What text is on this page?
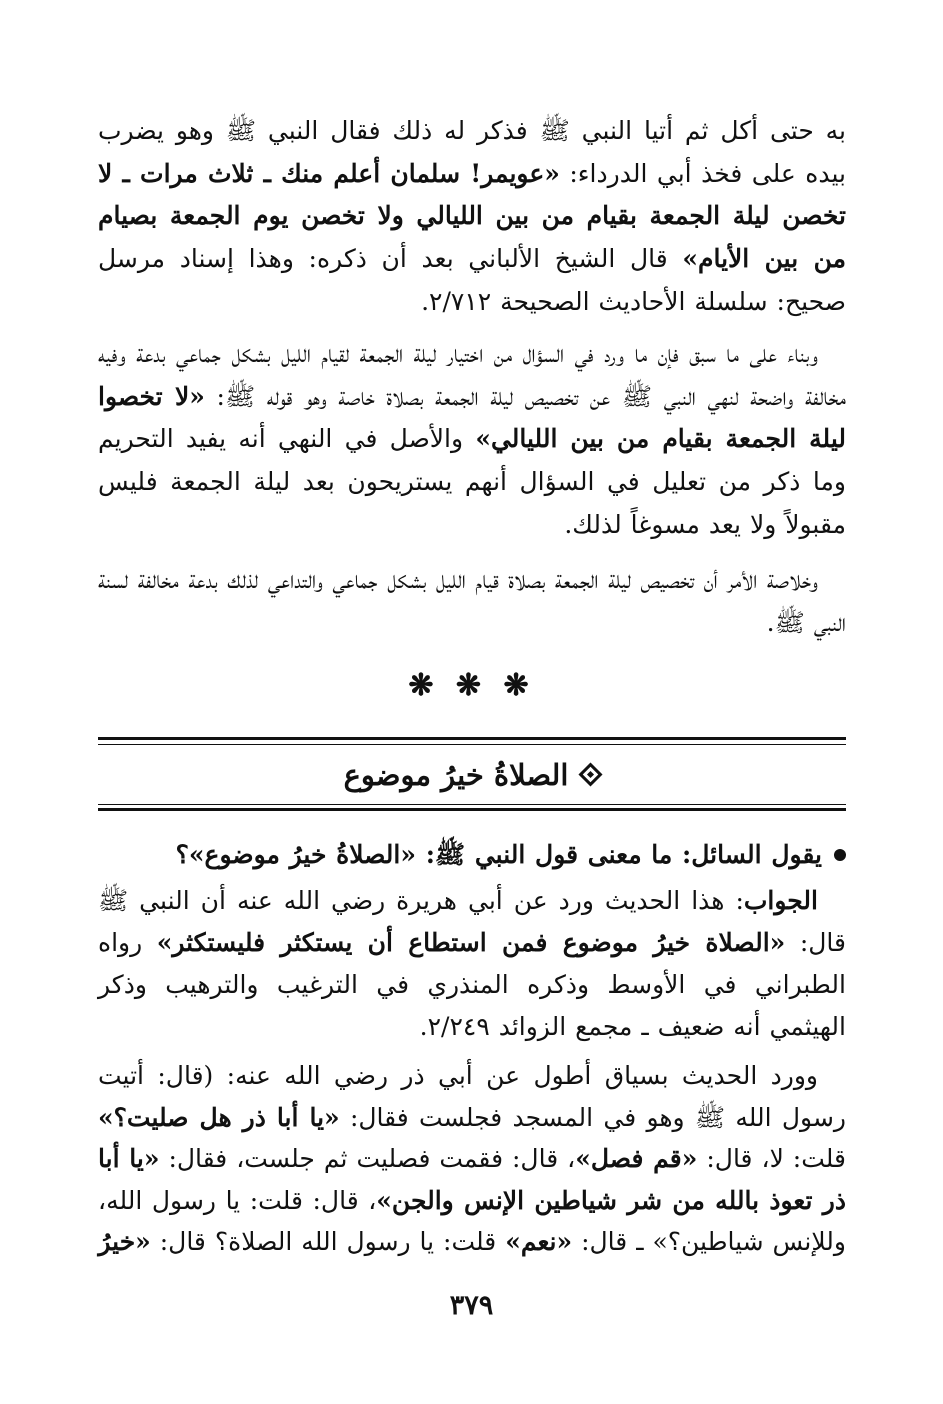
به حتى أكل ثم أتيا النبي ﷺ فذكر له ذلك فقال النبي ﷺ وهو يضرب بيده على فخذ أبي الدرداء: «عويمر! سلمان أعلم منك ـ ثلاث مرات ـ لا تخصن ليلة الجمعة بقيام من بين الليالي ولا تخصن يوم الجمعة بصيام من بين الأيام» قال الشيخ الألباني بعد أن ذكره: وهذا إسناد مرسل صحيح: سلسلة الأحاديث الصحيحة ٢/٧١٢.

وبناء على ما سبق فإن ما ورد في السؤال من اختيار ليلة الجمعة لقيام الليل بشكل جماعي بدعة وفيه مخالفة واضحة لنهي النبي ﷺ عن تخصيص ليلة الجمعة بصلاة خاصة وهو قوله ﷺ: «لا تخصوا ليلة الجمعة بقيام من بين الليالي» والأصل في النهي أنه يفيد التحريم وما ذكر من تعليل في السؤال أنهم يستريحون بعد ليلة الجمعة فليس مقبولاً ولا يعد مسوغاً لذلك.

وخلاصة الأمر أن تخصيص ليلة الجمعة بصلاة قيام الليل بشكل جماعي والتداعي لذلك بدعة مخالفة لسنة النبي ﷺ.

❋ ❋ ❋
الصلاةُ خيرُ موضوع

يقول السائل: ما معنى قول النبي ﷺ: «الصلاةُ خيرُ موضوع»؟

الجواب: هذا الحديث ورد عن أبي هريرة رضي الله عنه أن النبي ﷺ قال: «الصلاة خيرُ موضوع فمن استطاع أن يستكثر فليستكثر» رواه الطبراني في الأوسط وذكره المنذري في الترغيب والترهيب وذكر الهيثمي أنه ضعيف ـ مجمع الزوائد ٢/٢٤٩.

وورد الحديث بسياق أطول عن أبي ذر رضي الله عنه: (قال: أتيت رسول الله ﷺ وهو في المسجد فجلست فقال: «يا أبا ذر هل صليت؟» قلت: لا، قال: «قم فصل»، قال: فقمت فصليت ثم جلست، فقال: «يا أبا ذر تعوذ بالله من شر شياطين الإنس والجن»، قال: قلت: يا رسول الله، وللإنس شياطين؟» ـ قال: «نعم» قلت: يا رسول الله الصلاة؟ قال: «خيرُ

٣٧٩
